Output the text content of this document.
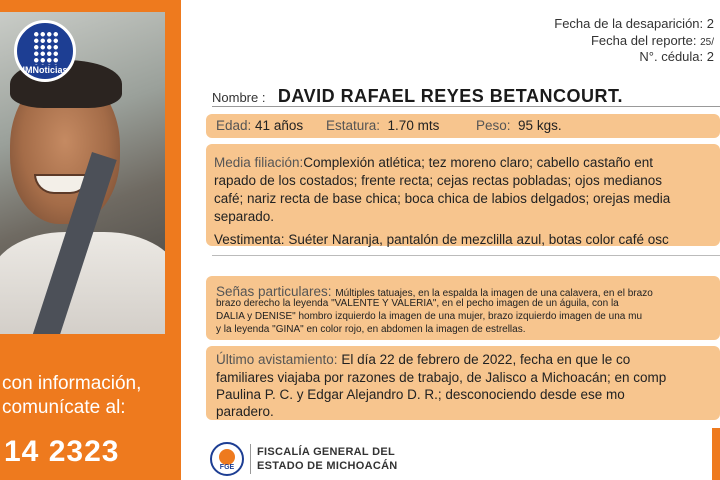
IMNoticias
con información,
comunícate al:
14 2323
Fecha de la desaparición: 2
Fecha del reporte: 25/
N°. cédula: 2
Nombre : DAVID RAFAEL REYES BETANCOURT.
Edad: 41 años Estatura: 1.70 mts	Peso: 95 kgs.
Media filiación:Complexión atlética; tez moreno claro; cabello castaño ent
rapado de los costados; frente recta; cejas rectas pobladas; ojos medianos
café; nariz recta de base chica; boca chica de labios delgados; orejas media
separado.
Vestimenta: Suéter Naranja, pantalón de mezclilla azul, botas color café osc
Señas particulares: Múltiples tatuajes, en la espalda la imagen de una calavera, en el brazo
brazo derecho la leyenda "VALENTE Y VALERIA", en el pecho imagen de un águila, con la
DALIA y DENISE" hombro izquierdo la imagen de una mujer, brazo izquierdo imagen de una mu
y la leyenda "GINA" en color rojo, en abdomen la imagen de estrellas.
Último avistamiento: El día 22 de febrero de 2022, fecha en que le co
familiares viajaba por razones de trabajo, de Jalisco a Michoacán; en comp
Paulina P. C. y Edgar Alejandro D. R.; desconociendo desde ese mo
paradero.
FGE
FISCALÍA GENERAL DEL
ESTADO DE MICHOACÁN
